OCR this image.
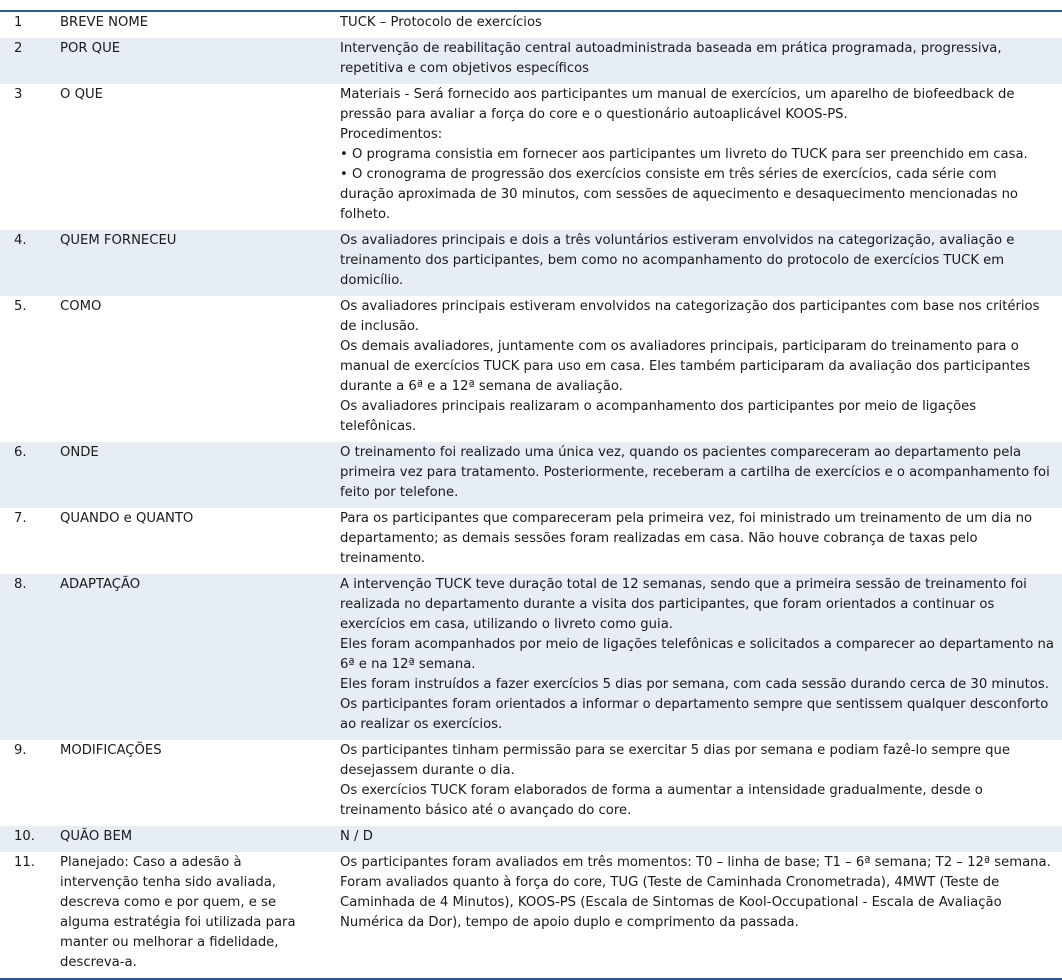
1	BREVE NOME	TUCK – Protocolo de exercícios

2	POR QUE	Intervenção de reabilitação central autoadministrada baseada em prática programada, progressiva, repetitiva e com objetivos específicos

3	O QUE	Materiais - Será fornecido aos participantes um manual de exercícios, um aparelho de biofeedback de pressão para avaliar a força do core e o questionário autoaplicável KOOS-PS.
Procedimentos:
• O programa consistia em fornecer aos participantes um livreto do TUCK para ser preenchido em casa.
• O cronograma de progressão dos exercícios consiste em três séries de exercícios, cada série com duração aproximada de 30 minutos, com sessões de aquecimento e desaquecimento mencionadas no folheto.

4.	QUEM FORNECEU	Os avaliadores principais e dois a três voluntários estiveram envolvidos na categorização, avaliação e treinamento dos participantes, bem como no acompanhamento do protocolo de exercícios TUCK em domicílio.

5.	COMO	Os avaliadores principais estiveram envolvidos na categorização dos participantes com base nos critérios de inclusão.
Os demais avaliadores, juntamente com os avaliadores principais, participaram do treinamento para o manual de exercícios TUCK para uso em casa. Eles também participaram da avaliação dos participantes durante a 6ª e a 12ª semana de avaliação.
Os avaliadores principais realizaram o acompanhamento dos participantes por meio de ligações telefônicas.

6.	ONDE	O treinamento foi realizado uma única vez, quando os pacientes compareceram ao departamento pela primeira vez para tratamento. Posteriormente, receberam a cartilha de exercícios e o acompanhamento foi feito por telefone.

7.	QUANDO e QUANTO	Para os participantes que compareceram pela primeira vez, foi ministrado um treinamento de um dia no departamento; as demais sessões foram realizadas em casa. Não houve cobrança de taxas pelo treinamento.

8.	ADAPTAÇÃO	A intervenção TUCK teve duração total de 12 semanas, sendo que a primeira sessão de treinamento foi realizada no departamento durante a visita dos participantes, que foram orientados a continuar os exercícios em casa, utilizando o livreto como guia.
Eles foram acompanhados por meio de ligações telefônicas e solicitados a comparecer ao departamento na 6ª e na 12ª semana.
Eles foram instruídos a fazer exercícios 5 dias por semana, com cada sessão durando cerca de 30 minutos.
Os participantes foram orientados a informar o departamento sempre que sentissem qualquer desconforto ao realizar os exercícios.

9.	MODIFICAÇÕES	Os participantes tinham permissão para se exercitar 5 dias por semana e podiam fazê-lo sempre que desejassem durante o dia.
Os exercícios TUCK foram elaborados de forma a aumentar a intensidade gradualmente, desde o treinamento básico até o avançado do core.

10.	QUÃO BEM	N / D

11.	Planejado: Caso a adesão à intervenção tenha sido avaliada, descreva como e por quem, e se alguma estratégia foi utilizada para manter ou melhorar a fidelidade, descreva-a.	Os participantes foram avaliados em três momentos: T0 – linha de base; T1 – 6ª semana; T2 – 12ª semana.
Foram avaliados quanto à força do core, TUG (Teste de Caminhada Cronometrada), 4MWT (Teste de Caminhada de 4 Minutos), KOOS-PS (Escala de Sintomas de Kool-Occupational - Escala de Avaliação Numérica da Dor), tempo de apoio duplo e comprimento da passada.
